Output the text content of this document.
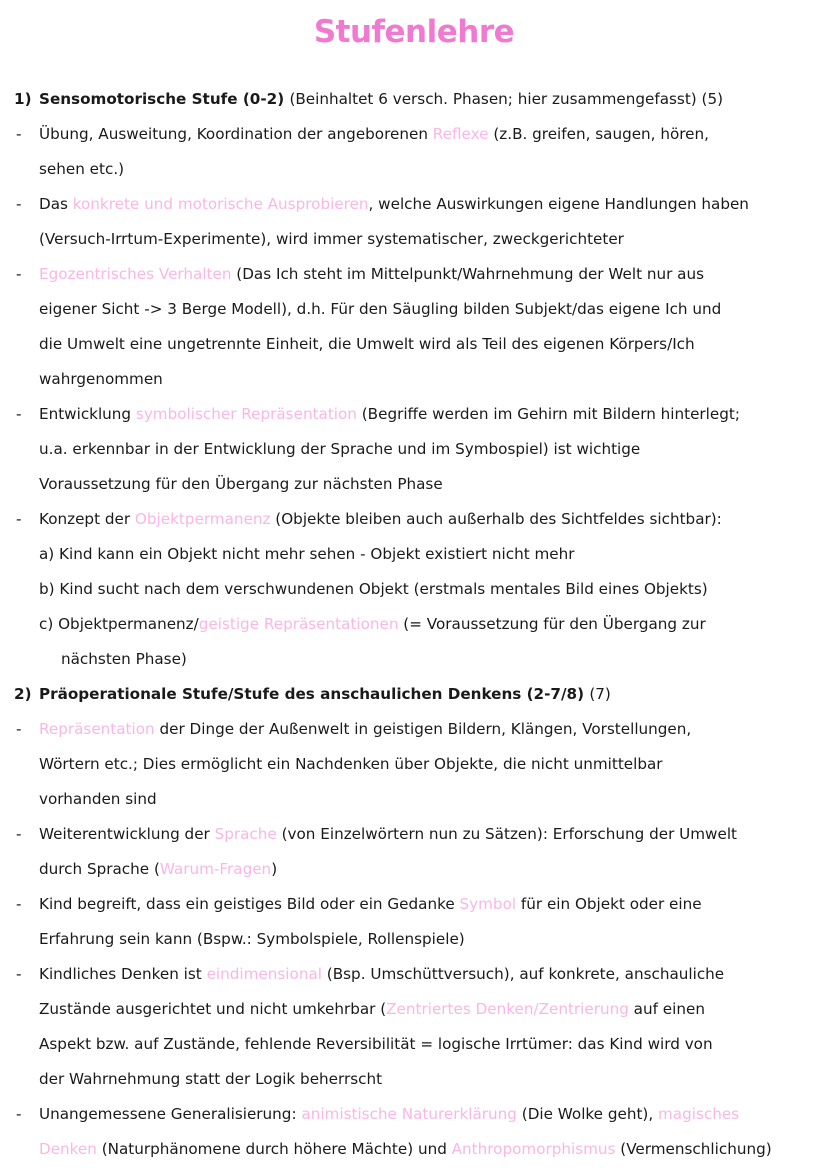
Stufenlehre
1) Sensomotorische Stufe (0-2)
(Beinhaltet 6 versch. Phasen; hier zusammengefasst) (5)
-	Übung, Ausweitung, Koordination der angeborenen Reflexe (z.B. greifen, saugen, hören,
sehen etc.)
-	Das konkrete und motorische Ausprobieren, welche Auswirkungen eigene Handlungen haben
(Versuch-Irrtum-Experimente), wird immer systematischer, zweckgerichteter
-	Egozentrisches Verhalten (Das Ich steht im Mittelpunkt/Wahrnehmung der Welt nur aus
eigener Sicht -> 3 Berge Modell), d.h. Für den Säugling bilden Subjekt/das eigene Ich und
die Umwelt eine ungetrennte Einheit, die Umwelt wird als Teil des eigenen Körpers/Ich
wahrgenommen
-	Entwicklung symbolischer Repräsentation (Begriffe werden im Gehirn mit Bildern hinterlegt;
u.a. erkennbar in der Entwicklung der Sprache und im Symbospiel) ist wichtige
Voraussetzung für den Übergang zur nächsten Phase
-	Konzept der Objektpermanenz (Objekte bleiben auch außerhalb des Sichtfeldes sichtbar):
a) Kind kann ein Objekt nicht mehr sehen - Objekt existiert nicht mehr
b) Kind sucht nach dem verschwundenen Objekt (erstmals mentales Bild eines Objekts)
c) Objektpermanenz/geistige Repräsentationen (= Voraussetzung für den Übergang zur
nächsten Phase)
2) Präoperationale Stufe/Stufe des anschaulichen Denkens (2-7/8)
(7)
-	Repräsentation der Dinge der Außenwelt in geistigen Bildern, Klängen, Vorstellungen,
Wörtern etc.; Dies ermöglicht ein Nachdenken über Objekte, die nicht unmittelbar
vorhanden sind
-	Weiterentwicklung der Sprache (von Einzelwörtern nun zu Sätzen): Erforschung der Umwelt
durch Sprache (Warum-Fragen)
-	Kind begreift, dass ein geistiges Bild oder ein Gedanke Symbol für ein Objekt oder eine
Erfahrung sein kann (Bspw.: Symbolspiele, Rollenspiele)
-	Kindliches Denken ist eindimensional (Bsp. Umschüttversuch), auf konkrete, anschauliche
Zustände ausgerichtet und nicht umkehrbar (Zentriertes Denken/Zentrierung auf einen
Aspekt bzw. auf Zustände, fehlende Reversibilität = logische Irrtümer: das Kind wird von
der Wahrnehmung statt der Logik beherrscht
-	Unangemessene Generalisierung: animistische Naturerklärung (Die Wolke geht), magisches
Denken (Naturphänomene durch höhere Mächte) und Anthropomorphismus (Vermenschlichung)
